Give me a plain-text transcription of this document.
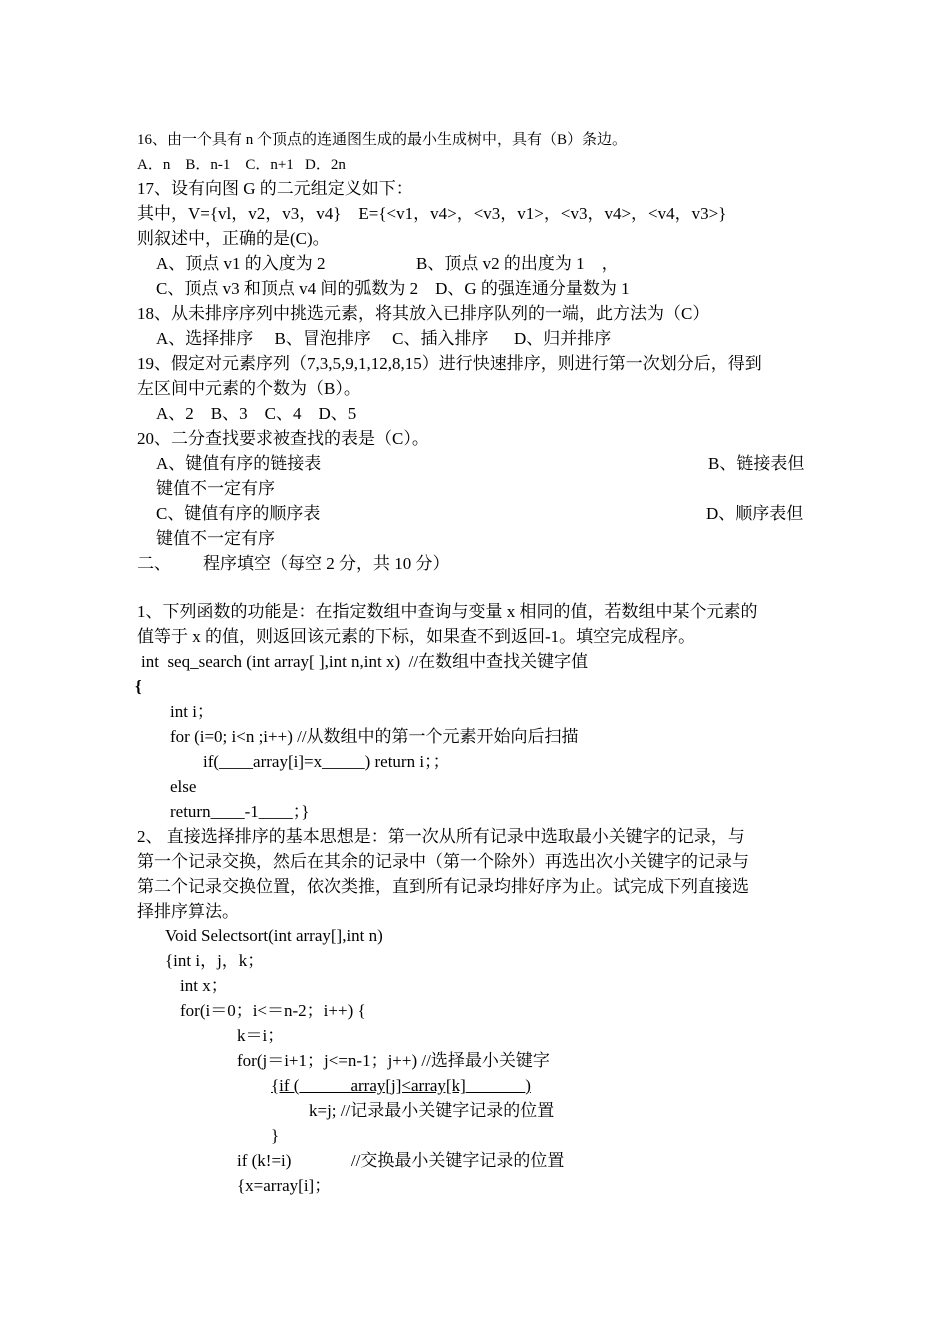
16、由一个具有 n 个顶点的连通图生成的最小生成树中，具有（B）条边。
A．n    B．n-1    C．n+1   D．2n
17、设有向图 G 的二元组定义如下：
其中，V={vl，v2，v3，v4}    E={<v1，v4>，<v3，v1>，<v3，v4>，<v4，v3>}
则叙述中，正确的是(C)。
A、顶点 v1 的入度为 2	B、顶点 v2 的出度为 1    ，
C、顶点 v3 和顶点 v4 间的弧数为 2    D、G 的强连通分量数为 1
18、从未排序序列中挑选元素，将其放入已排序队列的一端，此方法为（C）
A、选择排序     B、冒泡排序     C、插入排序      D、归并排序
19、假定对元素序列（7,3,5,9,1,12,8,15）进行快速排序，则进行第一次划分后，得到
左区间中元素的个数为（B）。
A、2    B、3    C、4    D、5
20、二分查找要求被查找的表是（C）。
A、键值有序的链接表	B、链接表但
键值不一定有序
C、键值有序的顺序表	D、顺序表但
键值不一定有序
二、 程序填空（每空 2 分，共 10 分）
1、下列函数的功能是：在指定数组中查询与变量 x 相同的值，若数组中某个元素的
值等于 x 的值，则返回该元素的下标，如果查不到返回-1。填空完成程序。
int  seq_search (int array[ ],int n,int x)  //在数组中查找关键字值
{
int i；
for (i=0; i<n ;i++) //从数组中的第一个元素开始向后扫描
if(____array[i]=x_____) return i；；
else
return____-1____；}
2、 直接选择排序的基本思想是：第一次从所有记录中选取最小关键字的记录，与
第一个记录交换，然后在其余的记录中（第一个除外）再选出次小关键字的记录与
第二个记录交换位置，依次类推，直到所有记录均排好序为止。试完成下列直接选
择排序算法。
Void Selectsort(int array[],int n)
{int i，j，k；
int x；
for(i＝0；i<＝n-2；i++) {
k＝i；
for(j＝i+1；j<=n-1；j++) //选择最小关键字
{if (______array[j]<array[k]_______)
k=j; //记录最小关键字记录的位置
}
if (k!=i)              //交换最小关键字记录的位置
{x=array[i]；
